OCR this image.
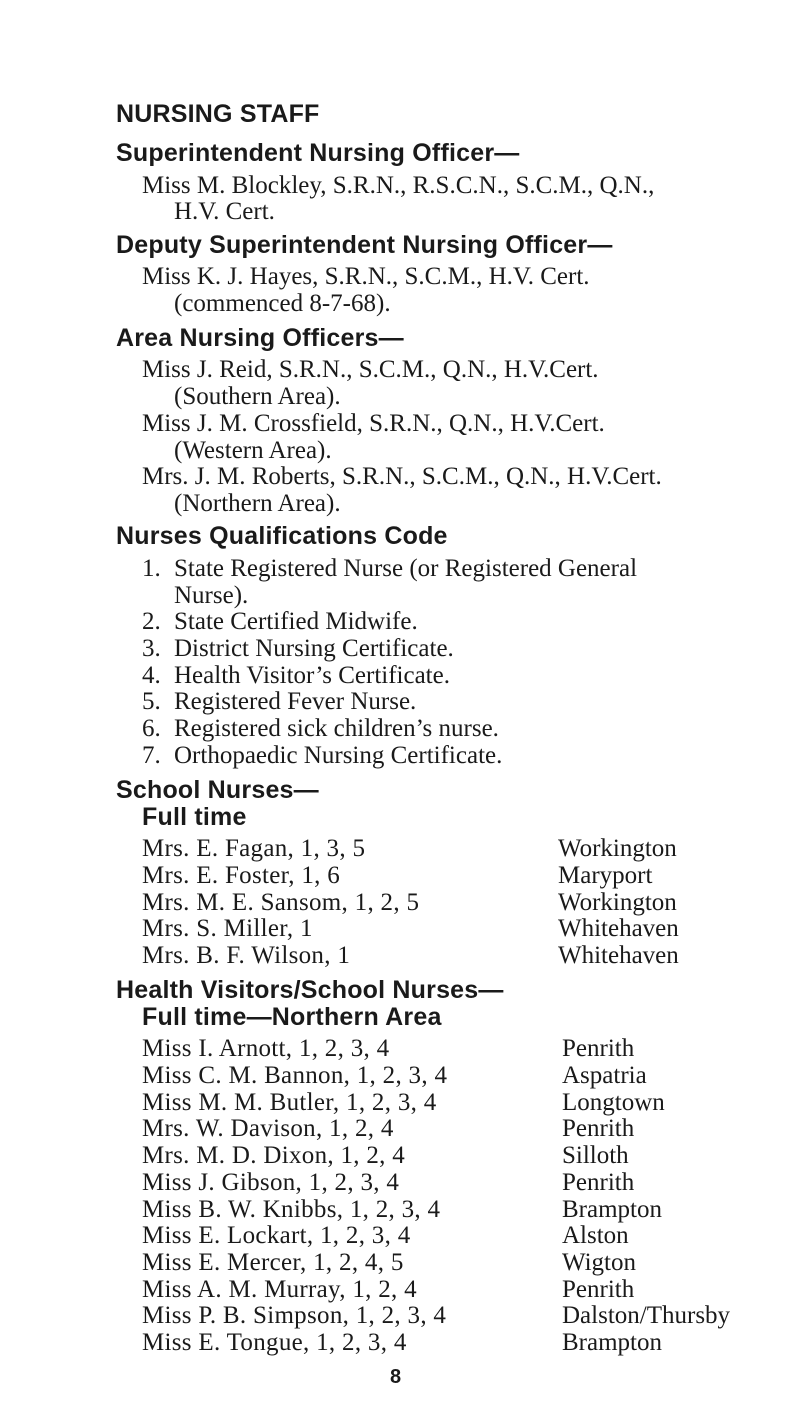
NURSING STAFF
Superintendent Nursing Officer—
Miss M. Blockley, S.R.N., R.S.C.N., S.C.M., Q.N.,
H.V. Cert.
Deputy Superintendent Nursing Officer—
Miss K. J. Hayes, S.R.N., S.C.M., H.V. Cert.
(commenced 8-7-68).
Area Nursing Officers—
Miss J. Reid, S.R.N., S.C.M., Q.N., H.V.Cert.
(Southern Area).
Miss J. M. Crossfield, S.R.N., Q.N., H.V.Cert.
(Western Area).
Mrs. J. M. Roberts, S.R.N., S.C.M., Q.N., H.V.Cert.
(Northern Area).
Nurses Qualifications Code
1. State Registered Nurse (or Registered General
Nurse).
2. State Certified Midwife.
3. District Nursing Certificate.
4. Health Visitor’s Certificate.
5. Registered Fever Nurse.
6. Registered sick children’s nurse.
7. Orthopaedic Nursing Certificate.
School Nurses—
Full time
Mrs. E. Fagan, 1, 3, 5	Workington
Mrs. E. Foster, 1, 6	Maryport
Mrs. M. E. Sansom, 1, 2, 5	Workington
Mrs. S. Miller, 1	Whitehaven
Mrs. B. F. Wilson, 1	Whitehaven
Health Visitors/School Nurses—
Full time—Northern Area
Miss I. Arnott, 1, 2, 3, 4	Penrith
Miss C. M. Bannon, 1, 2, 3, 4	Aspatria
Miss M. M. Butler, 1, 2, 3, 4	Longtown
Mrs. W. Davison, 1, 2, 4	Penrith
Mrs. M. D. Dixon, 1, 2, 4	Silloth
Miss J. Gibson, 1, 2, 3, 4	Penrith
Miss B. W. Knibbs, 1, 2, 3, 4	Brampton
Miss E. Lockart, 1, 2, 3, 4	Alston
Miss E. Mercer, 1, 2, 4, 5	Wigton
Miss A. M. Murray, 1, 2, 4	Penrith
Miss P. B. Simpson, 1, 2, 3, 4	Dalston/Thursby
Miss E. Tongue, 1, 2, 3, 4	Brampton
8
